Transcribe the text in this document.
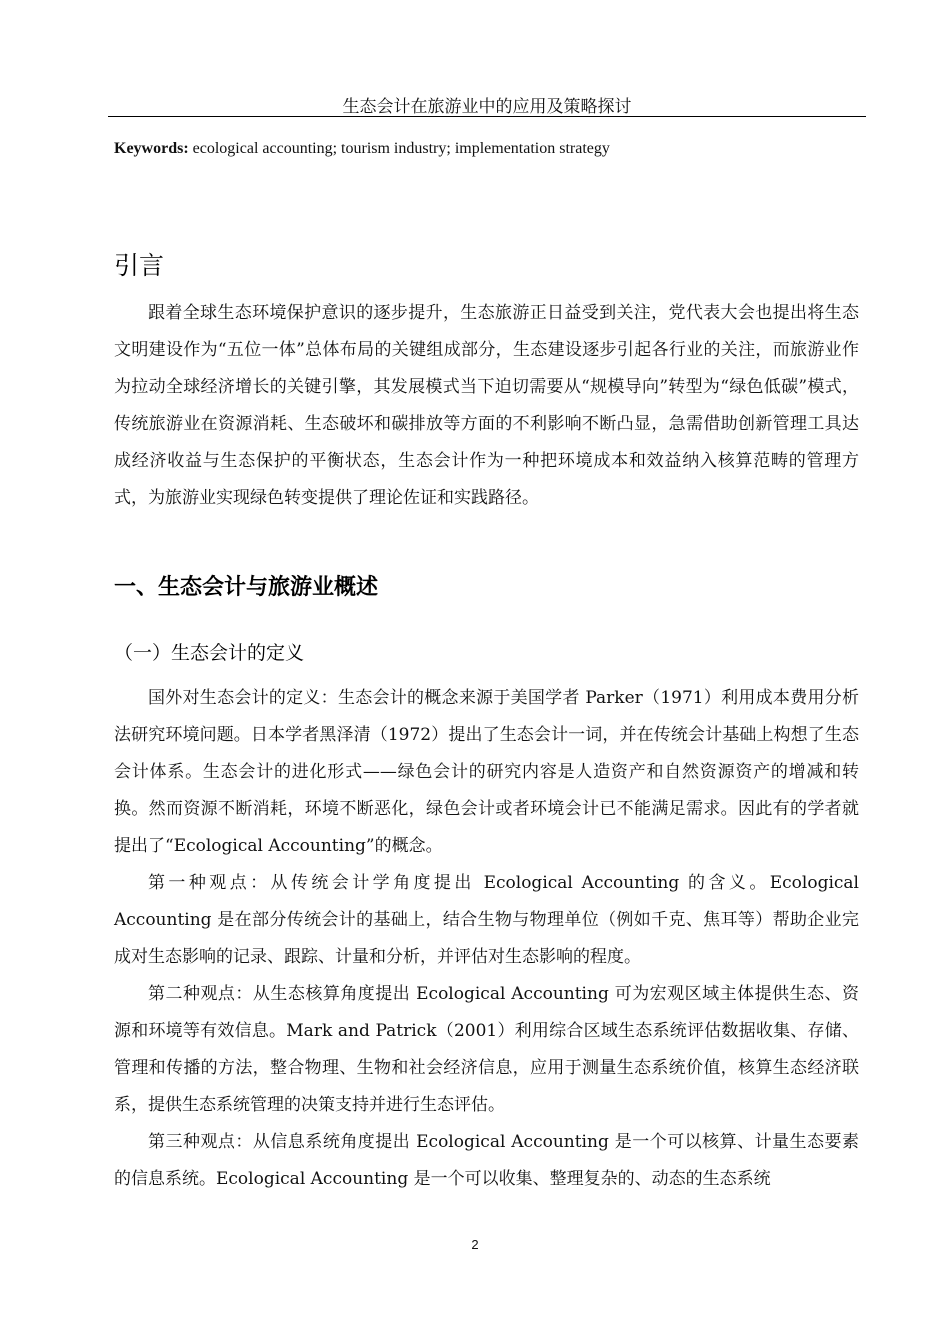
生态会计在旅游业中的应用及策略探讨
Keywords: ecological accounting; tourism industry; implementation strategy
引言
跟着全球生态环境保护意识的逐步提升，生态旅游正日益受到关注，党代表大会也提出将生态文明建设作为“五位一体”总体布局的关键组成部分，生态建设逐步引起各行业的关注，而旅游业作为拉动全球经济增长的关键引擎，其发展模式当下迫切需要从“规模导向”转型为“绿色低碳”模式，传统旅游业在资源消耗、生态破坏和碳排放等方面的不利影响不断凸显，急需借助创新管理工具达成经济收益与生态保护的平衡状态，生态会计作为一种把环境成本和效益纳入核算范畴的管理方式，为旅游业实现绿色转变提供了理论佐证和实践路径。
一、生态会计与旅游业概述
（一）生态会计的定义
国外对生态会计的定义：生态会计的概念来源于美国学者 Parker（1971）利用成本费用分析法研究环境问题。日本学者黑泽清（1972）提出了生态会计一词，并在传统会计基础上构想了生态会计体系。生态会计的进化形式——绿色会计的研究内容是人造资产和自然资源资产的增减和转换。然而资源不断消耗，环境不断恶化，绿色会计或者环境会计已不能满足需求。因此有的学者就提出了“Ecological Accounting”的概念。
第一种观点：从传统会计学角度提出 Ecological Accounting 的含义。Ecological Accounting 是在部分传统会计的基础上，结合生物与物理单位（例如千克、焦耳等）帮助企业完成对生态影响的记录、跟踪、计量和分析，并评估对生态影响的程度。
第二种观点：从生态核算角度提出 Ecological Accounting 可为宏观区域主体提供生态、资源和环境等有效信息。Mark and Patrick（2001）利用综合区域生态系统评估数据收集、存储、管理和传播的方法，整合物理、生物和社会经济信息，应用于测量生态系统价值，核算生态经济联系，提供生态系统管理的决策支持并进行生态评估。
第三种观点：从信息系统角度提出 Ecological Accounting 是一个可以核算、计量生态要素的信息系统。Ecological Accounting 是一个可以收集、整理复杂的、动态的生态系统
2
